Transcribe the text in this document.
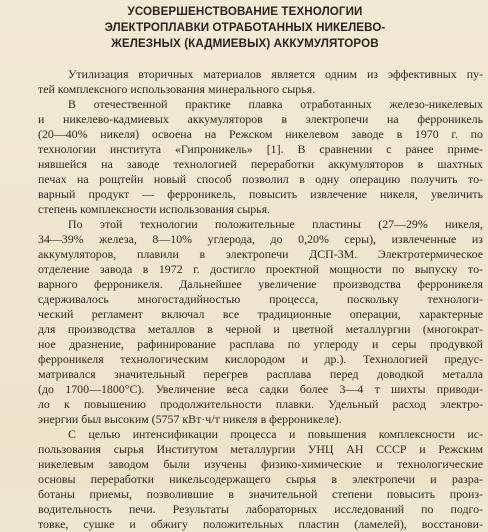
УСОВЕРШЕНСТВОВАНИЕ ТЕХНОЛОГИИ
ЭЛЕКТРОПЛАВКИ ОТРАБОТАННЫХ НИКЕЛЕВО-
ЖЕЛЕЗНЫХ (КАДМИЕВЫХ) АККУМУЛЯТОРОВ
Утилизация вторичных материалов является одним из эффективных пу-
тей комплексного использования минерального сырья.
В отечественной практике плавка отработанных железо-никелевых
и никелево-кадмиевых аккумуляторов в электропечи на ферроникель
(20—40% никеля) освоена на Режском никелевом заводе в 1970 г. по
технологии института «Гипроникель» [1]. В сравнении с ранее приме-
нявшейся на заводе технологией переработки аккумуляторов в шахтных
печах на рощтейн новый способ позволил в одну операцию получить то-
варный продукт — ферроникель, повысить извлечение никеля, увеличить
степень комплексности использования сырья.
По этой технологии положительные пластины (27—29% никеля,
34—39% железа, 8—10% углерода, до 0,20% серы), извлеченные из
аккумуляторов, плавили в электропечи ДСП-3М. Электротермическое
отделение завода в 1972 г. достигло проектной мощности по выпуску то-
варного ферроникеля. Дальнейшее увеличение производства ферроникеля
сдерживалось многостадийностью процесса, поскольку технологи-
ческий регламент включал все традиционные операции, характерные
для производства металлов в черной и цветной металлургии (многократ-
ное дразнение, рафинирование расплава по углероду и серы продувкой
ферроникеля технологическим кислородом и др.). Технологией предус-
матривался значительный перегрев расплава перед доводкой металла
(до 1700—1800°С). Увеличение веса садки более 3—4 т шихты приводи-
ло к повышению продолжительности плавки. Удельный расход электро-
энергии был высоким (5757 кВт·ч/т никеля в ферроникеле).
С целью интенсификации процесса и повышения комплексности ис-
пользования сырья Институтом металлургии УНЦ АН СССР и Режским
никелевым заводом были изучены физико-химические и технологические
основы переработки никельсодержащего сырья в электропечи и разра-
ботаны приемы, позволившие в значительной степени повысить произ-
водительность печи. Результаты лабораторных исследований по подго-
товке, сушке и обжигу положительных пластин (ламелей), восстанови-
